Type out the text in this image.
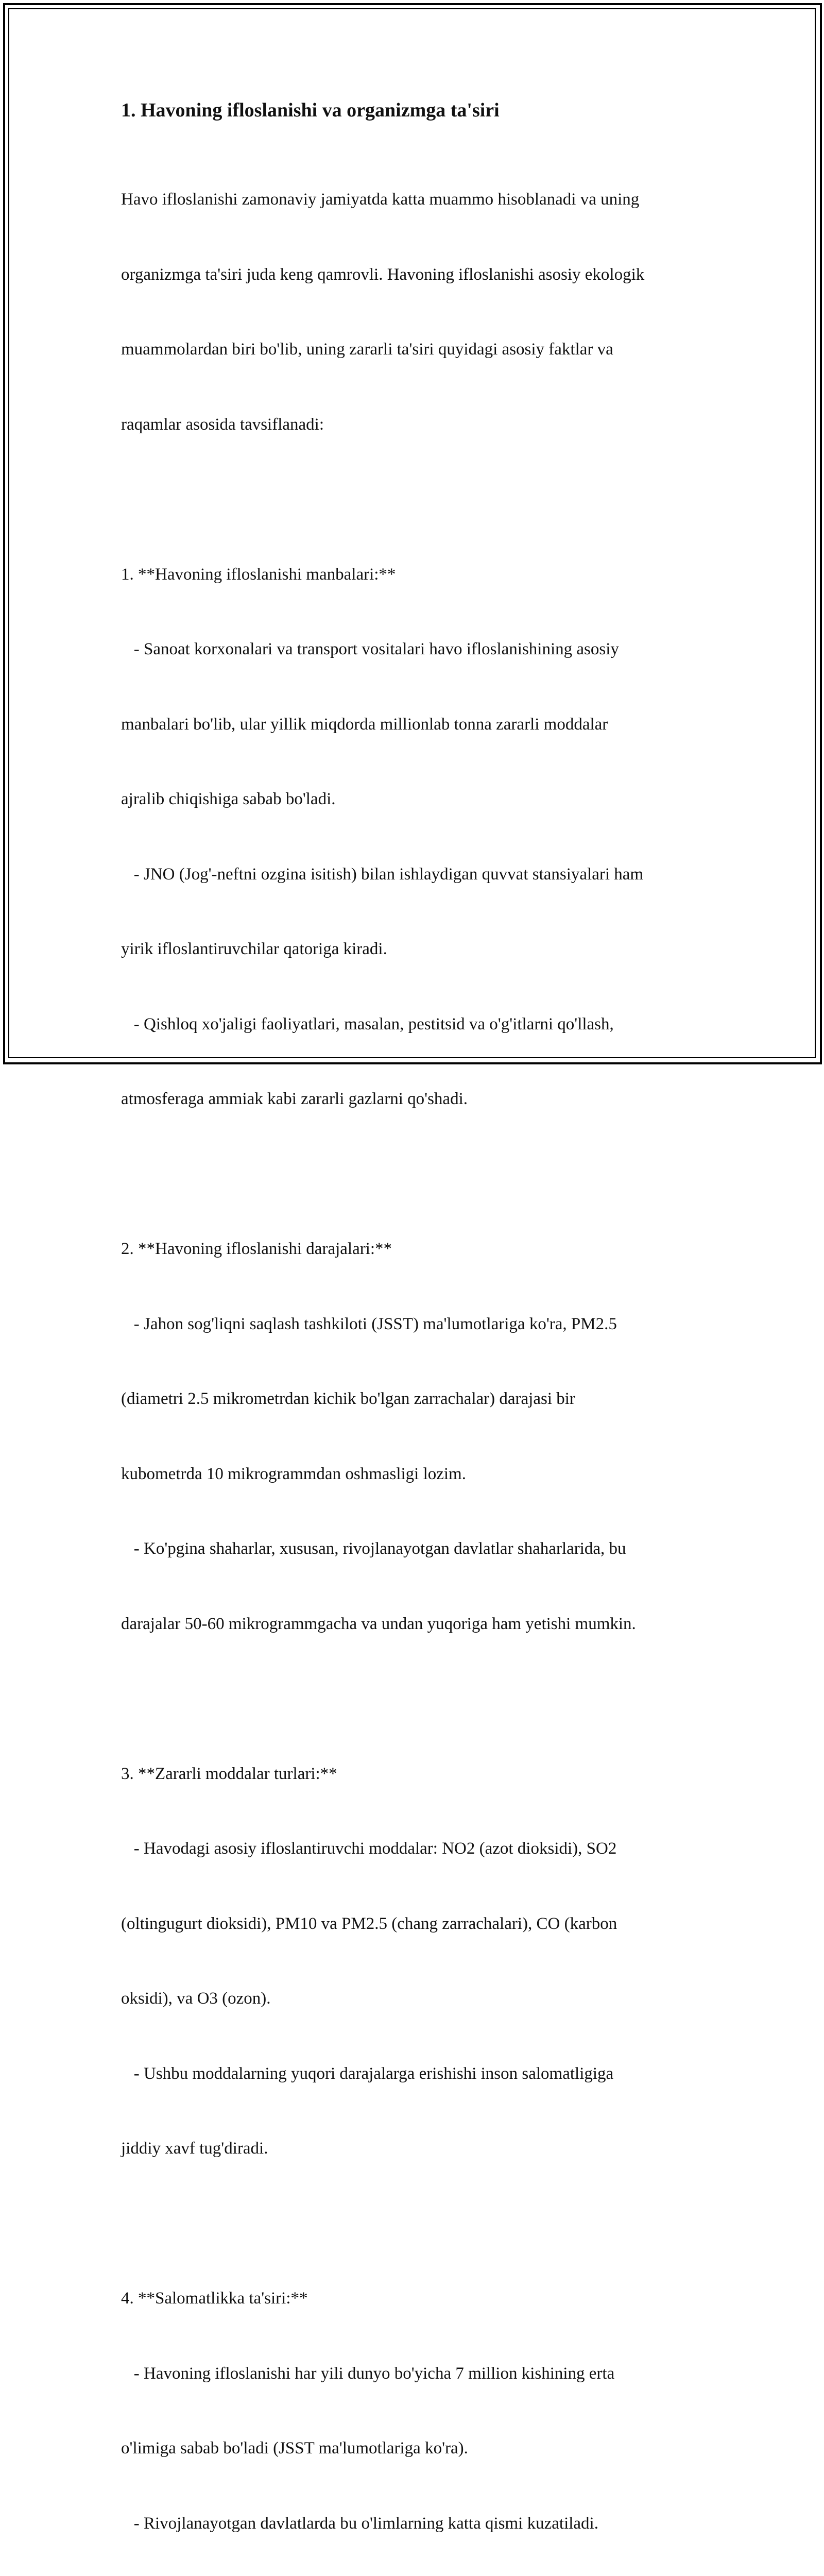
1. Havoning ifloslanishi va organizmga ta'siri

Havo ifloslanishi zamonaviy jamiyatda katta muammo hisoblanadi va uning

organizmga ta'siri juda keng qamrovli. Havoning ifloslanishi asosiy ekologik

muammolardan biri bo'lib, uning zararli ta'siri quyidagi asosiy faktlar va

raqamlar asosida tavsiflanadi:

1. **Havoning ifloslanishi manbalari:**

- Sanoat korxonalari va transport vositalari havo ifloslanishining asosiy

manbalari bo'lib, ular yillik miqdorda millionlab tonna zararli moddalar

ajralib chiqishiga sabab bo'ladi.

- JNO (Jog'-neftni ozgina isitish) bilan ishlaydigan quvvat stansiyalari ham

yirik ifloslantiruvchilar qatoriga kiradi.

- Qishloq xo'jaligi faoliyatlari, masalan, pestitsid va o'g'itlarni qo'llash,

atmosferaga ammiak kabi zararli gazlarni qo'shadi.

2. **Havoning ifloslanishi darajalari:**

- Jahon sog'liqni saqlash tashkiloti (JSST) ma'lumotlariga ko'ra, PM2.5

(diametri 2.5 mikrometrdan kichik bo'lgan zarrachalar) darajasi bir

kubometrda 10 mikrogrammdan oshmasligi lozim.

- Ko'pgina shaharlar, xususan, rivojlanayotgan davlatlar shaharlarida, bu

darajalar 50-60 mikrogrammgacha va undan yuqoriga ham yetishi mumkin.

3. **Zararli moddalar turlari:**

- Havodagi asosiy ifloslantiruvchi moddalar: NO2 (azot dioksidi), SO2

(oltingugurt dioksidi), PM10 va PM2.5 (chang zarrachalari), CO (karbon

oksidi), va O3 (ozon).

- Ushbu moddalarning yuqori darajalarga erishishi inson salomatligiga

jiddiy xavf tug'diradi.

4. **Salomatlikka ta'siri:**

- Havoning ifloslanishi har yili dunyo bo'yicha 7 million kishining erta

o'limiga sabab bo'ladi (JSST ma'lumotlariga ko'ra).

- Rivojlanayotgan davlatlarda bu o'limlarning katta qismi kuzatiladi.
